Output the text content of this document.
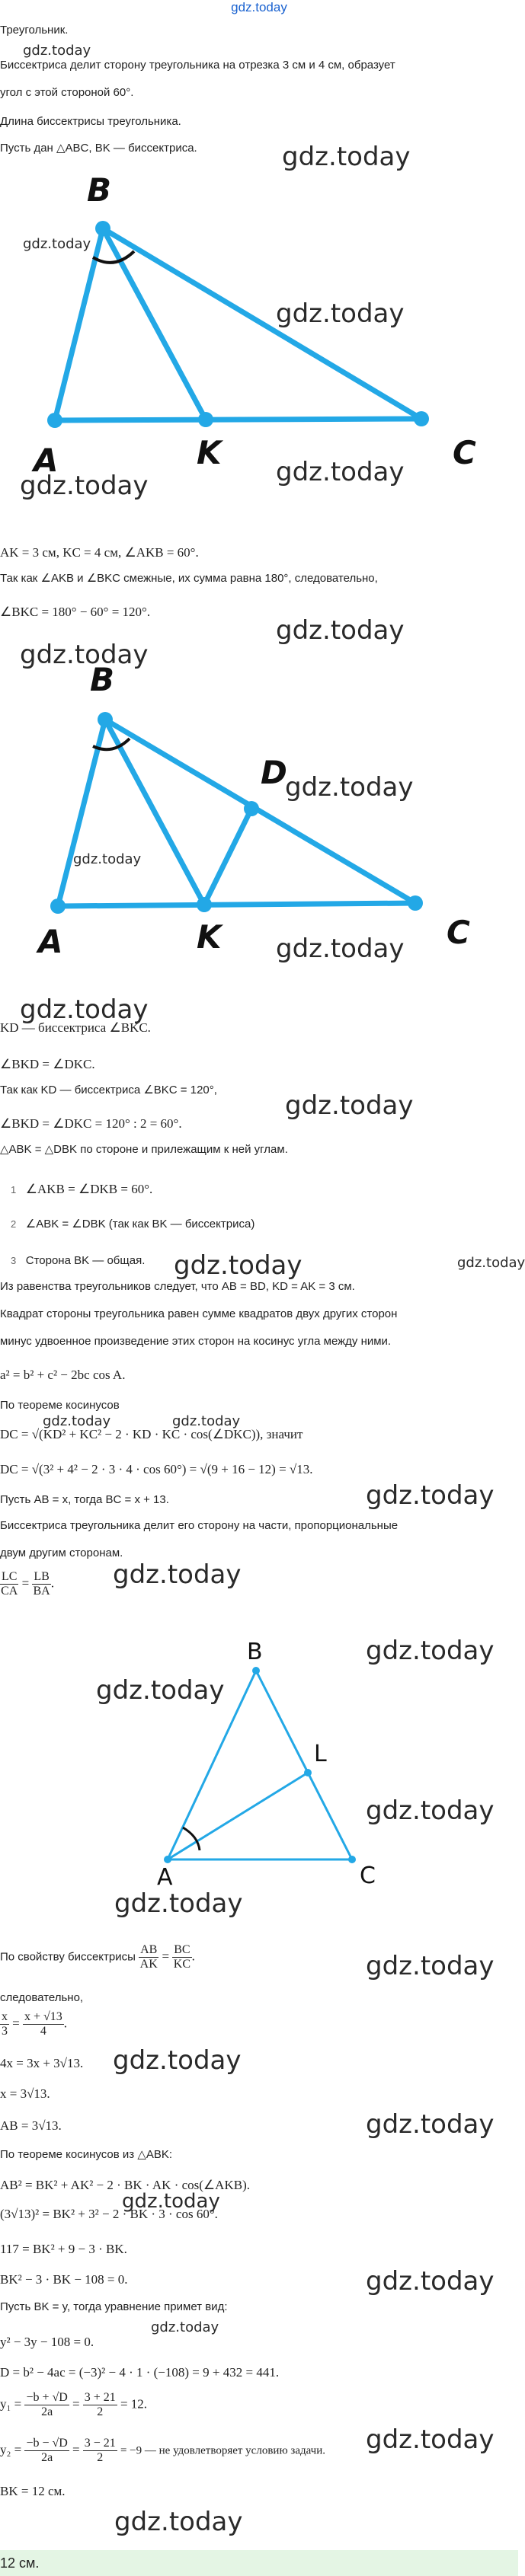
gdz.today
Треугольник.
Биссектриса делит сторону треугольника на отрезка 3 см и 4 см, образует
угол с этой стороной 60°.
Длина биссектрисы треугольника.
Пусть дан △ABC, BK — биссектриса.
B
A	K	C
AK = 3 см, KC = 4 см, ∠AKB = 60°.
Так как ∠AKB и ∠BKC смежные, их сумма равна 180°, следовательно,
∠BKC = 180° − 60° = 120°.
B
D
A	K	C
KD — биссектриса ∠BKC.
∠BKD = ∠DKC.
Так как KD — биссектриса ∠BKC = 120°,
∠BKD = ∠DKC = 120° : 2 = 60°.
△ABK = △DBK по стороне и прилежащим к ней углам.
1 ∠AKB = ∠DKB = 60°.
2 ∠ABK = ∠DBK (так как BK — биссектриса)
3 Сторона BK — общая.
Из равенства треугольников следует, что AB = BD, KD = AK = 3 см.
Квадрат стороны треугольника равен сумме квадратов двух других сторон
минус удвоенное произведение этих сторон на косинус угла между ними.
a² = b² + c² − 2bc cos A.
По теореме косинусов
DC = √(KD² + KC² − 2 · KD · KC · cos(∠DKC)), значит
DC = √(3² + 4² − 2 · 3 · 4 · cos 60°) = √(9 + 16 − 12) = √13.
Пусть AB = x, тогда BC = x + 13.
Биссектриса треугольника делит его сторону на части, пропорциональные
двум другим сторонам.
$\frac{LC}{CA} = \frac{LB}{BA}$ .
B
L
A	C
По свойству биссектрисы $\frac{AB}{AK} = \frac{BC}{KC}$ .
следовательно,
$\frac{x}{3} = \frac{x + √13}{4}$ .
4x = 3x + 3√13.
x = 3√13.
AB = 3√13.
По теореме косинусов из △ABK:
AB² = BK² + AK² − 2 · BK · AK · cos(∠AKB).
(3√13)² = BK² + 3² − 2 · BK · 3 · cos 60°.
117 = BK² + 9 − 3 · BK.
BK² − 3 · BK − 108 = 0.
Пусть BK = y, тогда уравнение примет вид:
y² − 3y − 108 = 0.
D = b² − 4ac = (−3)² − 4 · 1 · (−108) = 9 + 432 = 441.
$y_1 = \frac{-b + √D}{2a} = \frac{3 + 21}{2} = 12$.
$y_2 = \frac{-b - √D}{2a} = \frac{3 - 21}{2} = -9$ — не удовлетворяет условию задачи.
BK = 12 см.
12 см.
gdz.today
gdz.today
gdz.today
gdz.today
gdz.today
gdz.today
gdz.today
gdz.today
gdz.today
gdz.today
gdz.today
gdz.today
gdz.today
gdz.today	gdz.today
gdz.today	gdz.today
gdz.today
gdz.today
gdz.today
gdz.today
gdz.today
gdz.today
gdz.today
gdz.today
gdz.today
gdz.today
gdz.today
gdz.today
gdz.today
gdz.today
